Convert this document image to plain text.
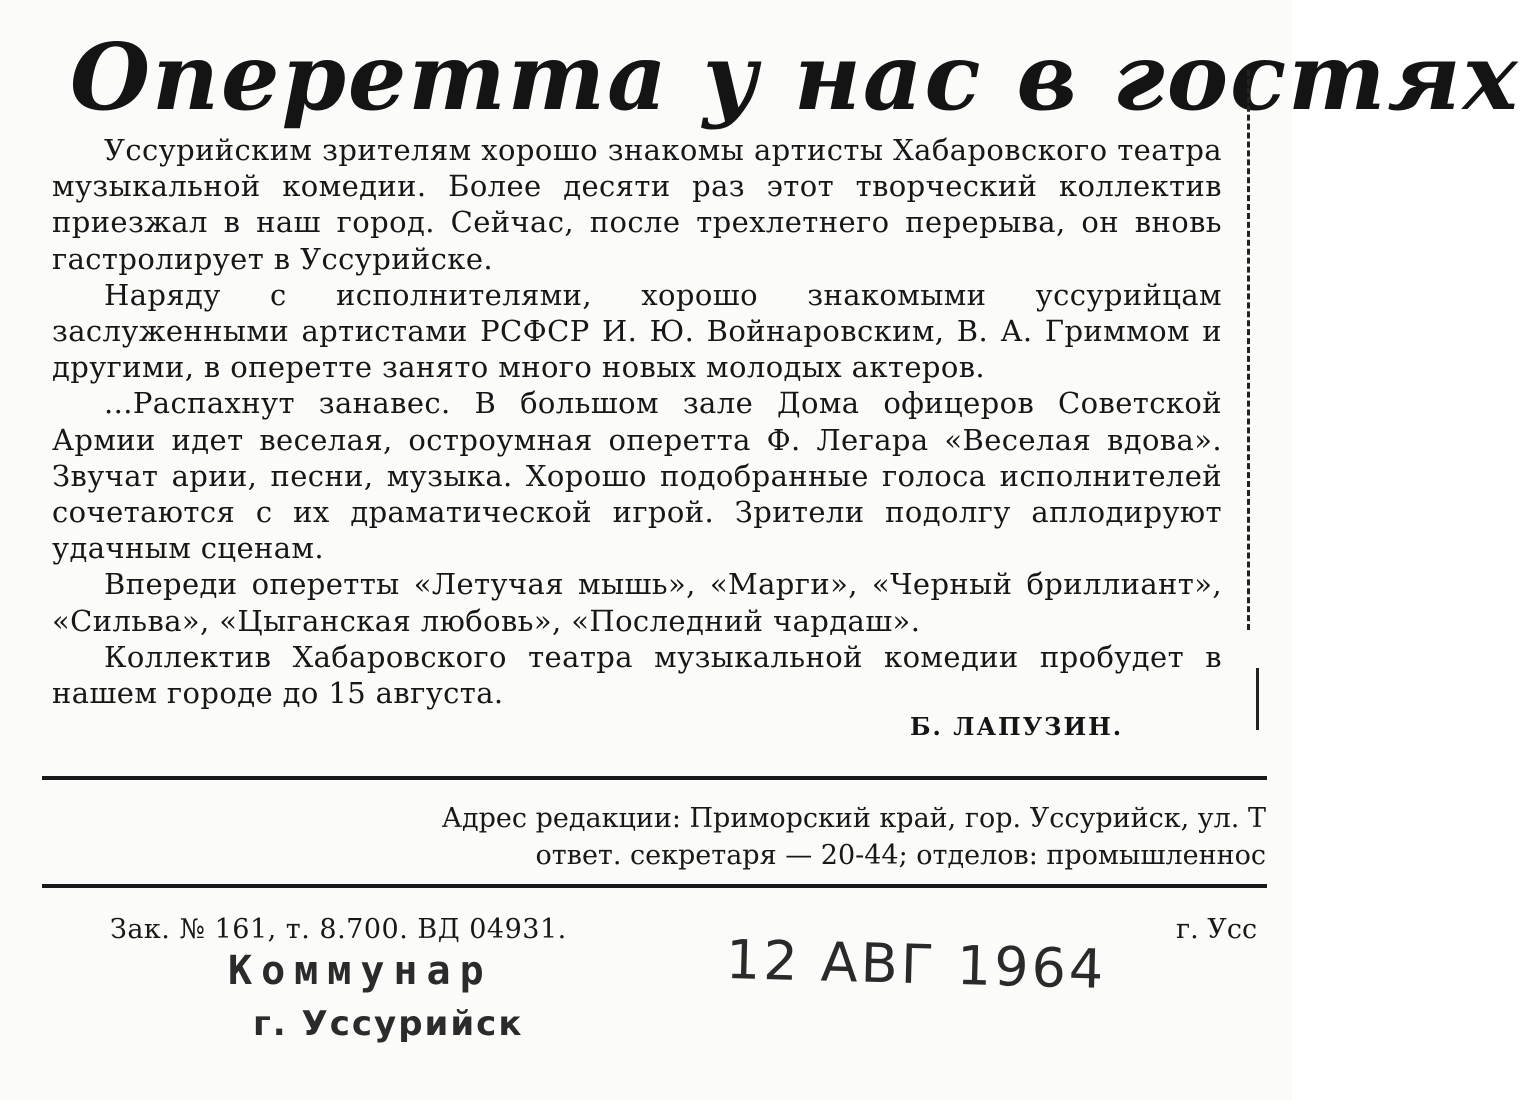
Оперетта у нас в гостях

Уссурийским зрителям хорошо знакомы артисты Хабаровского театра музыкальной комедии. Более десяти раз этот творческий коллектив приезжал в наш город. Сейчас, после трехлетнего перерыва, он вновь гастролирует в Уссурийске.

Наряду с исполнителями, хорошо знакомыми уссурийцам заслуженными артистами РСФСР И. Ю. Войнаровским, В. А. Гриммом и другими, в оперетте занято много новых молодых актеров.

...Распахнут занавес. В большом зале Дома офицеров Советской Армии идет веселая, остроумная оперетта Ф. Легара «Веселая вдова». Звучат арии, песни, музыка. Хорошо подобранные голоса исполнителей сочетаются с их драматической игрой. Зрители подолгу аплодируют удачным сценам.

Впереди оперетты «Летучая мышь», «Марги», «Черный бриллиант», «Сильва», «Цыганская любовь», «Последний чардаш».

Коллектив Хабаровского театра музыкальной комедии пробудет в нашем городе до 15 августа.

Б. ЛАПУЗИН.
Адрес редакции: Приморский край, гор. Уссурийск, ул. Т
ответ. секретаря — 20-44; отделов: промышленнос
Зак. № 161, т. 8.700. ВД 04931.	г. Усс
Коммунар
г. Уссурийск
12 АВГ 1964
